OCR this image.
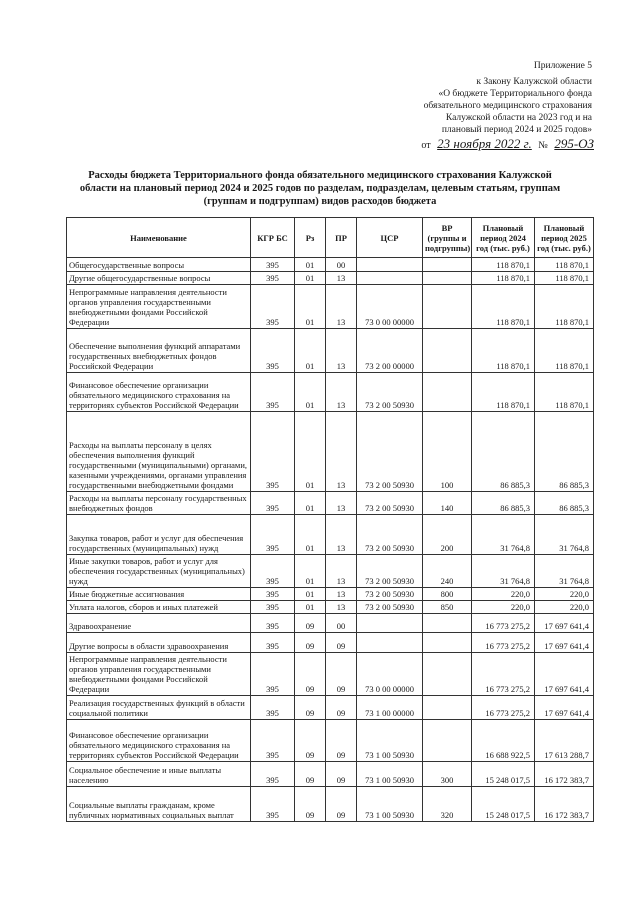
Приложение 5
к Закону Калужской области
«О бюджете Территориального фонда
обязательного медицинского страхования
Калужской области на 2023 год и на
плановый период 2024 и 2025 годов»
от 23 ноября 2022 г. № 295-ОЗ
Расходы бюджета Территориального фонда обязательного медицинского страхования Калужской области на плановый период 2024 и 2025 годов по разделам, подразделам, целевым статьям, группам (группам и подгруппам) видов расходов бюджета
Наименование	КГР БС	Рз	ПР	ЦСР	ВР (группы и подгруппы)	Плановый период 2024 год (тыс. руб.)	Плановый период 2025 год (тыс. руб.)
Общегосударственные вопросы	395	01	00			118 870,1	118 870,1
Другие общегосударственные вопросы	395	01	13			118 870,1	118 870,1
Непрограммные направления деятельности органов управления государственными внебюджетными фондами Российской Федерации	395	01	13	73 0 00 00000		118 870,1	118 870,1
Обеспечение выполнения функций аппаратами государственных внебюджетных фондов Российской Федерации	395	01	13	73 2 00 00000		118 870,1	118 870,1
Финансовое обеспечение организации обязательного медицинского страхования на территориях субъектов Российской Федерации	395	01	13	73 2 00 50930		118 870,1	118 870,1
Расходы на выплаты персоналу в целях обеспечения выполнения функций государственными (муниципальными) органами, казенными учреждениями, органами управления государственными внебюджетными фондами	395	01	13	73 2 00 50930	100	86 885,3	86 885,3
Расходы на выплаты персоналу государственных внебюджетных фондов	395	01	13	73 2 00 50930	140	86 885,3	86 885,3
Закупка товаров, работ и услуг для обеспечения государственных (муниципальных) нужд	395	01	13	73 2 00 50930	200	31 764,8	31 764,8
Иные закупки товаров, работ и услуг для обеспечения государственных (муниципальных) нужд	395	01	13	73 2 00 50930	240	31 764,8	31 764,8
Иные бюджетные ассигнования	395	01	13	73 2 00 50930	800	220,0	220,0
Уплата налогов, сборов и иных платежей	395	01	13	73 2 00 50930	850	220,0	220,0
Здравоохранение	395	09	00			16 773 275,2	17 697 641,4
Другие вопросы в области здравоохранения	395	09	09			16 773 275,2	17 697 641,4
Непрограммные направления деятельности органов управления государственными внебюджетными фондами Российской Федерации	395	09	09	73 0 00 00000		16 773 275,2	17 697 641,4
Реализация государственных функций в области социальной политики	395	09	09	73 1 00 00000		16 773 275,2	17 697 641,4
Финансовое обеспечение организации обязательного медицинского страхования на территориях субъектов Российской Федерации	395	09	09	73 1 00 50930		16 688 922,5	17 613 288,7
Социальное обеспечение и иные выплаты населению	395	09	09	73 1 00 50930	300	15 248 017,5	16 172 383,7
Социальные выплаты гражданам, кроме публичных нормативных социальных выплат	395	09	09	73 1 00 50930	320	15 248 017,5	16 172 383,7
